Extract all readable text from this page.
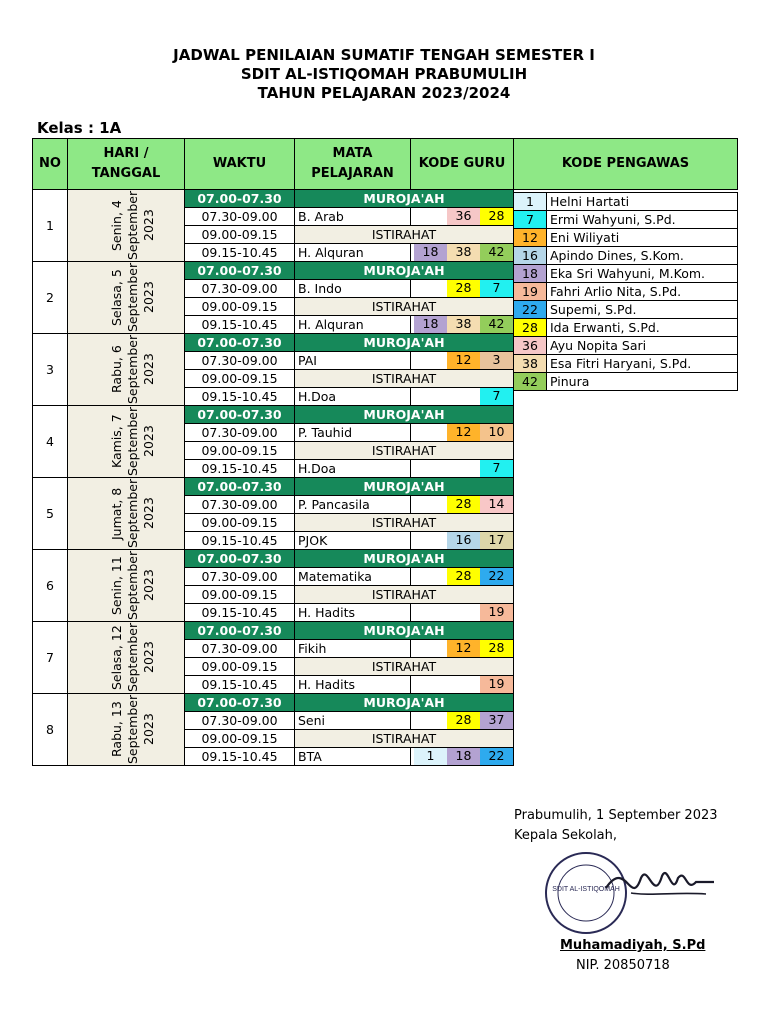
JADWAL PENILAIAN SUMATIF TENGAH SEMESTER I
SDIT AL-ISTIQOMAH PRABUMULIH
TAHUN PELAJARAN 2023/2024
Kelas : 1A
NO	HARI / TANGGAL	WAKTU	MATA PELAJARAN	KODE GURU
1	Senin, 4 September 2023	07.00-07.30	MUROJA'AH	
		07.30-09.00	B. Arab	36 28

		09.00-09.15	ISTIRAHAT	
		09.15-10.45	H. Alquran	18 38 42

2	Selasa, 5 September 2023	07.00-07.30	MUROJA'AH	
		07.30-09.00	B. Indo	28 7

		09.00-09.15	ISTIRAHAT	
		09.15-10.45	H. Alquran	18 38 42

3	Rabu, 6 September 2023	07.00-07.30	MUROJA'AH	
		07.30-09.00	PAI	12 3

		09.00-09.15	ISTIRAHAT	
		09.15-10.45	H.Doa	7

4	Kamis, 7 September 2023	07.00-07.30	MUROJA'AH	
		07.30-09.00	P. Tauhid	12 10

		09.00-09.15	ISTIRAHAT	
		09.15-10.45	H.Doa	7

5	Jumat, 8 September 2023	07.00-07.30	MUROJA'AH	
		07.30-09.00	P. Pancasila	28 14

		09.00-09.15	ISTIRAHAT	
		09.15-10.45	PJOK	16 17

6	Senin, 11 September 2023	07.00-07.30	MUROJA'AH	
		07.30-09.00	Matematika	28 22

		09.00-09.15	ISTIRAHAT	
		09.15-10.45	H. Hadits	19

7	Selasa, 12 September 2023	07.00-07.30	MUROJA'AH	
		07.30-09.00	Fikih	12 28

		09.00-09.15	ISTIRAHAT	
		09.15-10.45	H. Hadits	19

8	Rabu, 13 September 2023	07.00-07.30	MUROJA'AH	
		07.30-09.00	Seni	28 37

		09.00-09.15	ISTIRAHAT	
		09.15-10.45	BTA	1 18 22
KODE PENGAWAS	

1	Helni Hartati
7	Ermi Wahyuni, S.Pd.
12	Eni Wiliyati
16	Apindo Dines, S.Kom.
18	Eka Sri Wahyuni, M.Kom.
19	Fahri Arlio Nita, S.Pd.
22	Supemi, S.Pd.
28	Ida Erwanti, S.Pd.
36	Ayu Nopita Sari
38	Esa Fitri Haryani, S.Pd.
42	Pinura
Prabumulih, 1 September 2023
Kepala Sekolah,
SDIT AL-ISTIQOMAH
Muhamadiyah, S.Pd
NIP. 20850718
